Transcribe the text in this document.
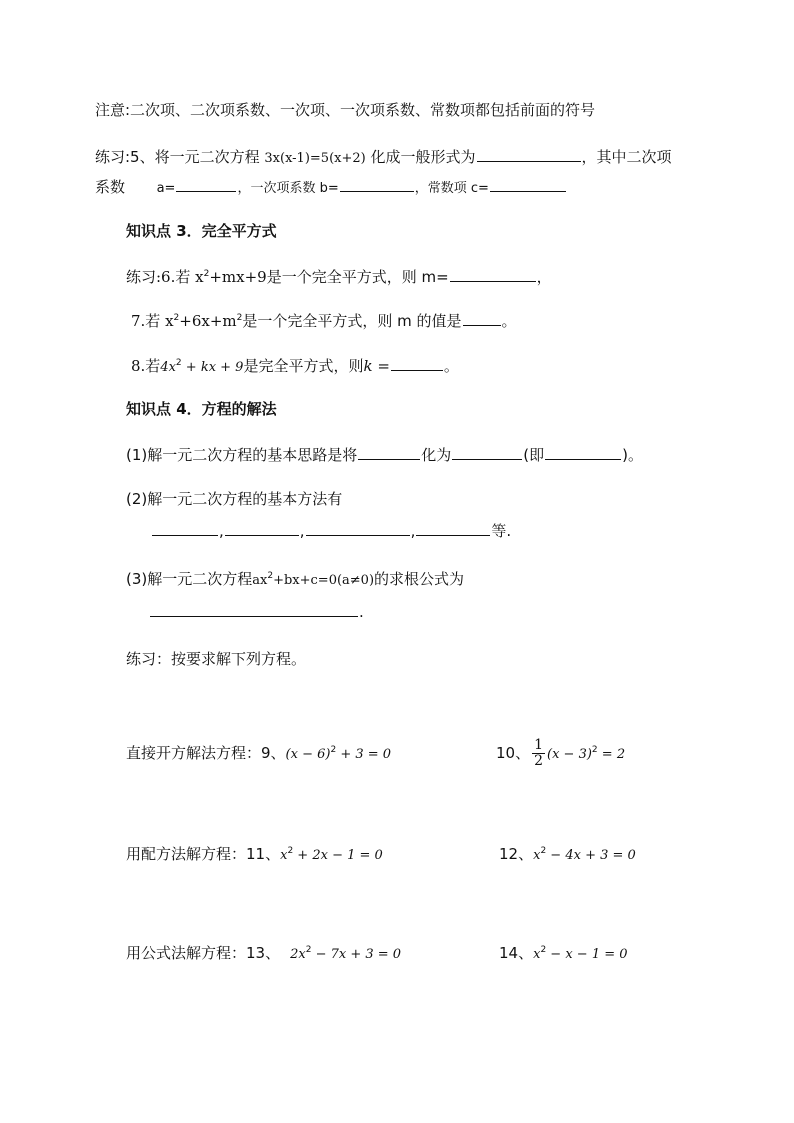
注意:二次项、二次项系数、一次项、一次项系数、常数项都包括前面的符号
练习:5、将一元二次方程 3x(x-1)=5(x+2) 化成一般形式为	，其中二次项
系数 a=	，一次项系数 b=	，常数项 c=
知识点 3．完全平方式
练习:6.若 $x^2+mx+9$是一个完全平方式，则 m=	，
7.若 $x^2+6x+m^2$是一个完全平方式，则 m 的值是	。
8.若$4x^2$ + kx + 9是完全平方式，则k =	。
知识点 4．方程的解法
(1)解一元二次方程的基本思路是将	化为	(即	)。
(2)解一元二次方程的基本方法有
,	,	,	等.
(3)解一元二次方程$ax^2+bx+c=0(a\ne 0)$的求根公式为
.
练习：按要求解下列方程。
直接开方解法方程：9、$(x - 6)^2 + 3 = 0$	10、 $\frac{1}{2} (x - 3)^2 = 2$
用配方法解方程：11、$x^2 + 2x - 1 = 0$	12、$x^2 - 4x + 3 = 0$
用公式法解方程：13、 $2x^2 - 7x + 3 = 0$	14、$x^2 - x - 1 = 0$
